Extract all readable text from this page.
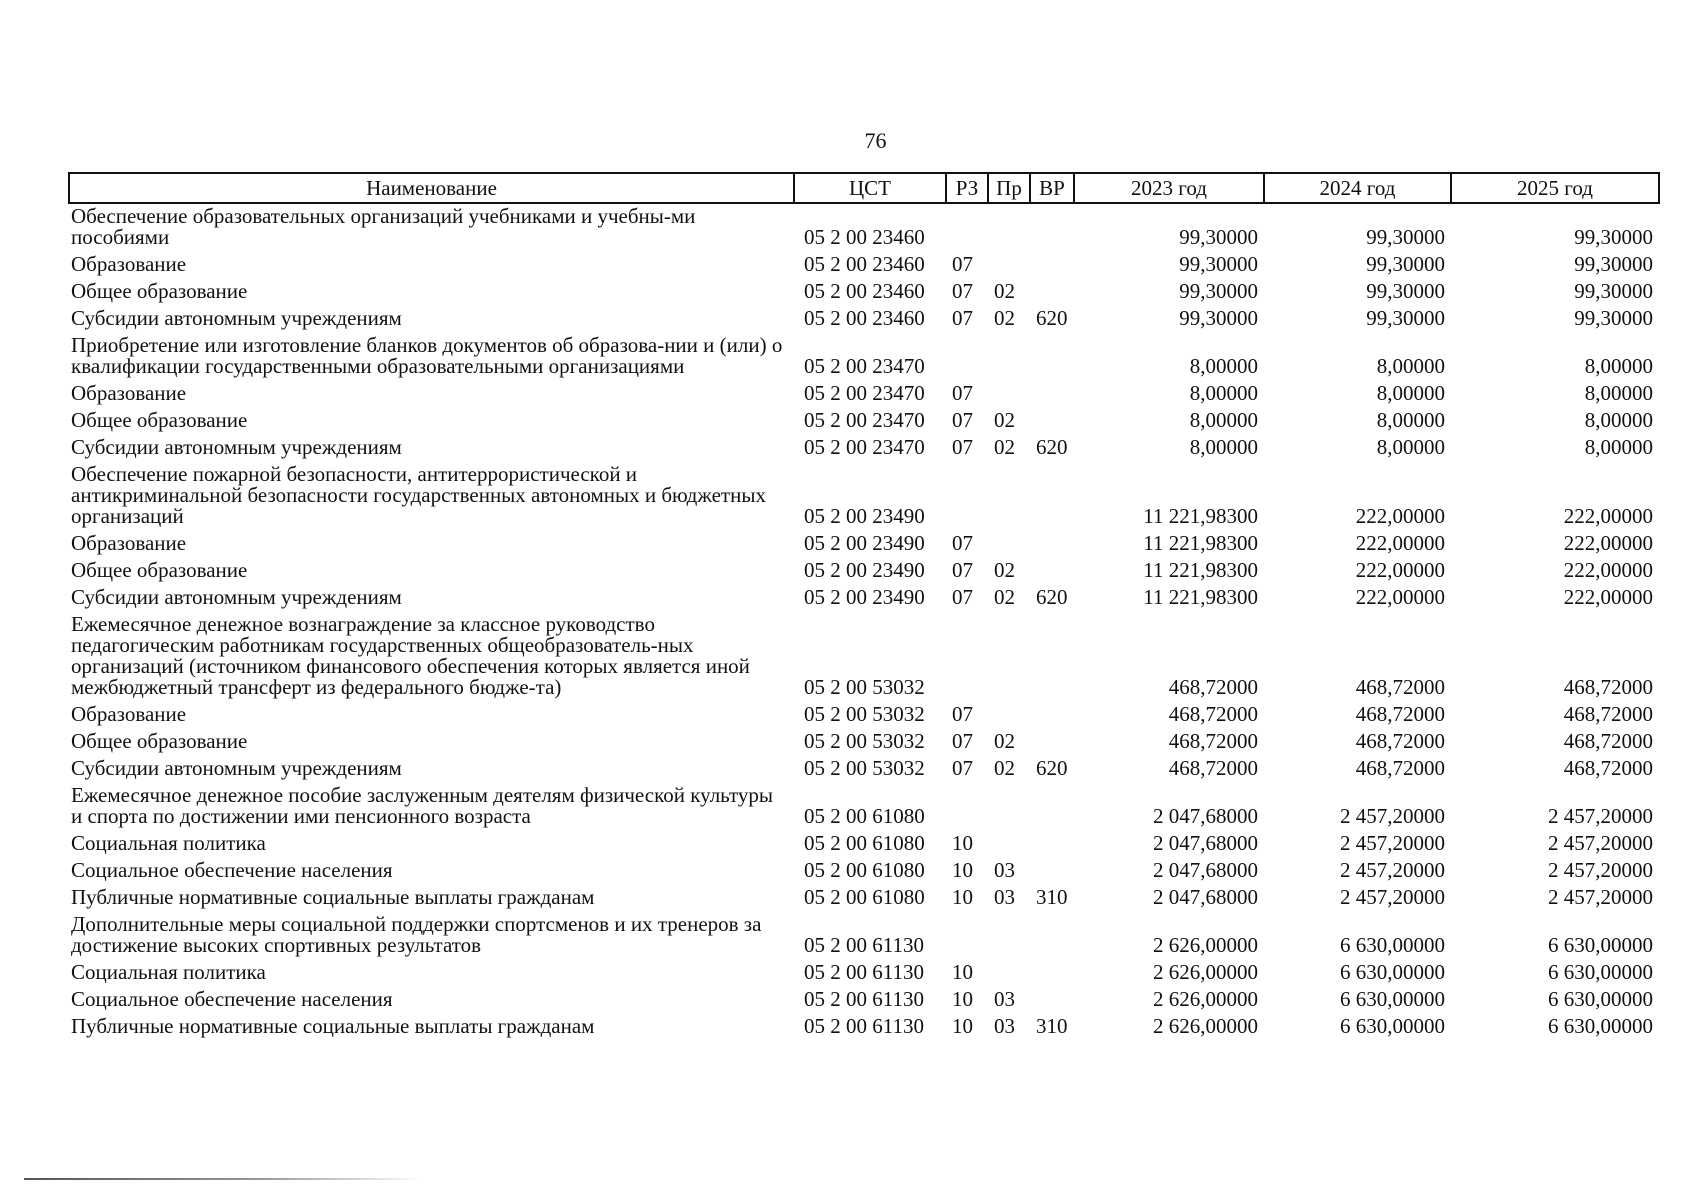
76
Наименование	ЦСТ	РЗ	Пр	ВР	2023 год	2024 год	2025 год
Обеспечение образовательных организаций учебниками и учебны-ми пособиями	05 2 00 23460				99,30000	99,30000	99,30000
Образование	05 2 00 23460	07			99,30000	99,30000	99,30000
Общее образование	05 2 00 23460	07	02		99,30000	99,30000	99,30000
Субсидии автономным учреждениям	05 2 00 23460	07	02	620	99,30000	99,30000	99,30000
Приобретение или изготовление бланков документов об образова-нии и (или) о квалификации государственными образовательными организациями	05 2 00 23470				8,00000	8,00000	8,00000
Образование	05 2 00 23470	07			8,00000	8,00000	8,00000
Общее образование	05 2 00 23470	07	02		8,00000	8,00000	8,00000
Субсидии автономным учреждениям	05 2 00 23470	07	02	620	8,00000	8,00000	8,00000
Обеспечение пожарной безопасности, антитеррористической и антикриминальной безопасности государственных автономных и бюджетных организаций	05 2 00 23490				11 221,98300	222,00000	222,00000
Образование	05 2 00 23490	07			11 221,98300	222,00000	222,00000
Общее образование	05 2 00 23490	07	02		11 221,98300	222,00000	222,00000
Субсидии автономным учреждениям	05 2 00 23490	07	02	620	11 221,98300	222,00000	222,00000
Ежемесячное денежное вознаграждение за классное руководство педагогическим работникам государственных общеобразователь-ных организаций (источником финансового обеспечения которых является иной межбюджетный трансферт из федерального бюдже-та)	05 2 00 53032				468,72000	468,72000	468,72000
Образование	05 2 00 53032	07			468,72000	468,72000	468,72000
Общее образование	05 2 00 53032	07	02		468,72000	468,72000	468,72000
Субсидии автономным учреждениям	05 2 00 53032	07	02	620	468,72000	468,72000	468,72000
Ежемесячное денежное пособие заслуженным деятелям физической культуры и спорта по достижении ими пенсионного возраста	05 2 00 61080				2 047,68000	2 457,20000	2 457,20000
Социальная политика	05 2 00 61080	10			2 047,68000	2 457,20000	2 457,20000
Социальное обеспечение населения	05 2 00 61080	10	03		2 047,68000	2 457,20000	2 457,20000
Публичные нормативные социальные выплаты гражданам	05 2 00 61080	10	03	310	2 047,68000	2 457,20000	2 457,20000
Дополнительные меры социальной поддержки спортсменов и их тренеров за достижение высоких спортивных результатов	05 2 00 61130				2 626,00000	6 630,00000	6 630,00000
Социальная политика	05 2 00 61130	10			2 626,00000	6 630,00000	6 630,00000
Социальное обеспечение населения	05 2 00 61130	10	03		2 626,00000	6 630,00000	6 630,00000
Публичные нормативные социальные выплаты гражданам	05 2 00 61130	10	03	310	2 626,00000	6 630,00000	6 630,00000
